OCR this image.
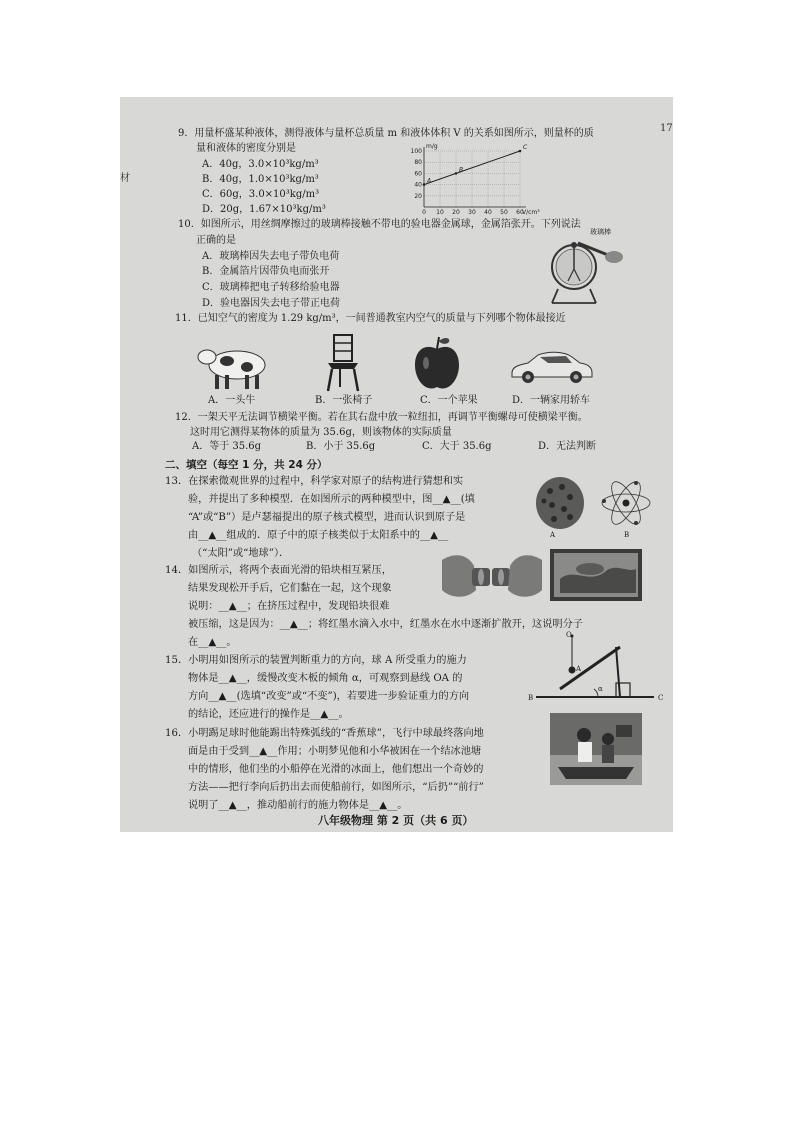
材
17
9．用量杯盛某种液体，测得液体与量杯总质量 m 和液体体积 V 的关系如图所示，则量杯的质
量和液体的密度分别是
A．40g，3.0×10³kg/m³
B．40g，1.0×10³kg/m³
C．60g，3.0×10³kg/m³
D．20g，1.67×10³kg/m³	0 10 20 30 40 50 60
20
40
60
80
100
m/g
V/cm³
A
B
C
10．如图所示，用丝绸摩擦过的玻璃棒接触不带电的验电器金属球，金属箔张开。下列说法
正确的是
A．玻璃棒因失去电子带负电荷
B．金属箔片因带负电而张开
C．玻璃棒把电子转移给验电器
D．验电器因失去电子带正电荷
玻璃棒
11．已知空气的密度为 1.29 kg/m³，一间普通教室内空气的质量与下列哪个物体最接近
A．一头牛	B．一张椅子	C．一个苹果	D．一辆家用轿车
12．一架天平无法调节横梁平衡。若在其右盘中放一粒纽扣，再调节平衡螺母可使横梁平衡。
这时用它测得某物体的质量为 35.6g，则该物体的实际质量
A．等于 35.6g	B．小于 35.6g	C．大于 35.6g	D．无法判断
二、填空（每空 1 分，共 24 分）
13．在探索微观世界的过程中，科学家对原子的结构进行猜想和实
验，并提出了多种模型．在如图所示的两种模型中，图__▲__(填
“A”或“B”）是卢瑟福提出的原子核式模型，进而认识到原子是
由__▲__组成的．原子中的原子核类似于太阳系中的__▲__
（“太阳”或“地球”）．
A	B
14．如图所示，将两个表面光滑的铅块相互紧压，
结果发现松开手后，它们黏在一起，这个现象
说明：__▲__；在挤压过程中，发现铅块很难
被压缩，这是因为：__▲__；将红墨水滴入水中，红墨水在水中逐渐扩散开，这说明分子
在__▲__。
15．小明用如图所示的装置判断重力的方向，球 A 所受重力的施力
物体是__▲__，缓慢改变木板的倾角 α，可观察到悬线 OA 的
方向__▲__(选填“改变”或“不变”)，若要进一步验证重力的方向
的结论，还应进行的操作是__▲__。
O
A
B	C
α
16．小明踢足球时他能踢出特殊弧线的“香蕉球”，飞行中球最终落向地
面是由于受到__▲__作用；小明梦见他和小华被困在一个结冰池塘
中的情形，他们坐的小船停在光滑的冰面上，他们想出一个奇妙的
方法——把行李向后扔出去而使船前行，如图所示，“后扔”“前行”
说明了__▲__，推动船前行的施力物体是__▲__。
八年级物理 第 2 页（共 6 页）
